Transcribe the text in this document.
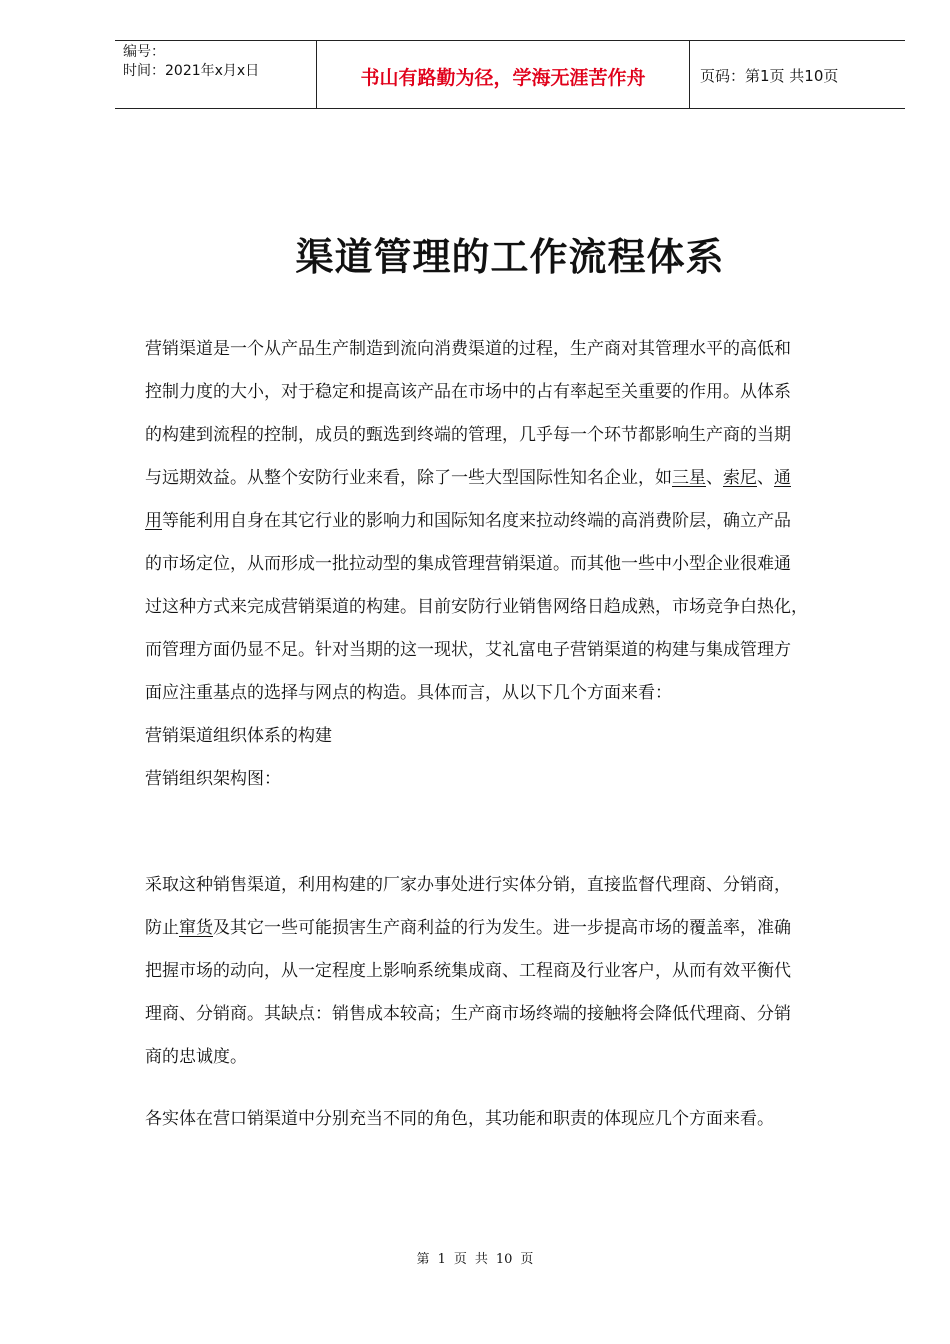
编号：
时间：2021年x月x日	书山有路勤为径，学海无涯苦作舟	页码：第1页 共10页
渠道管理的工作流程体系
营销渠道是一个从产品生产制造到流向消费渠道的过程，生产商对其管理水平的高低和
控制力度的大小，对于稳定和提高该产品在市场中的占有率起至关重要的作用。从体系
的构建到流程的控制，成员的甄选到终端的管理，几乎每一个环节都影响生产商的当期
与远期效益。从整个安防行业来看，除了一些大型国际性知名企业，如三星、索尼、通
用等能利用自身在其它行业的影响力和国际知名度来拉动终端的高消费阶层，确立产品
的市场定位，从而形成一批拉动型的集成管理营销渠道。而其他一些中小型企业很难通
过这种方式来完成营销渠道的构建。目前安防行业销售网络日趋成熟，市场竞争白热化，
而管理方面仍显不足。针对当期的这一现状，艾礼富电子营销渠道的构建与集成管理方
面应注重基点的选择与网点的构造。具体而言，从以下几个方面来看：
营销渠道组织体系的构建
营销组织架构图：
采取这种销售渠道，利用构建的厂家办事处进行实体分销，直接监督代理商、分销商，
防止窜货及其它一些可能损害生产商利益的行为发生。进一步提高市场的覆盖率，准确
把握市场的动向，从一定程度上影响系统集成商、工程商及行业客户，从而有效平衡代
理商、分销商。其缺点：销售成本较高；生产商市场终端的接触将会降低代理商、分销
商的忠诚度。
各实体在营口销渠道中分别充当不同的角色，其功能和职责的体现应几个方面来看。
第 1 页 共 10 页
